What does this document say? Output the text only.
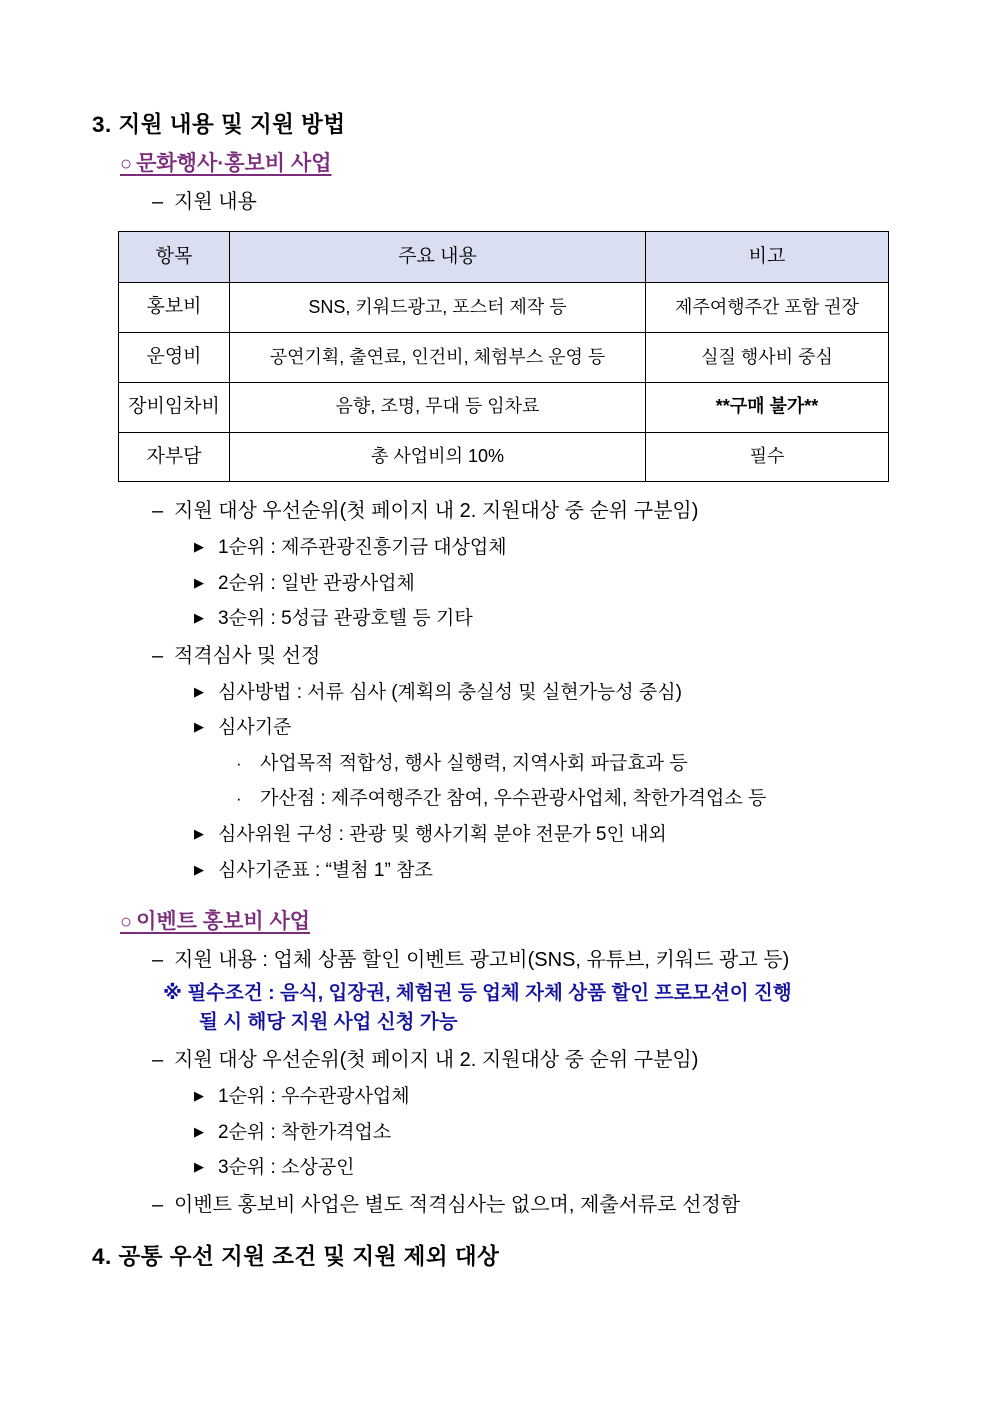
3. 지원 내용 및 지원 방법
○ 문화행사·홍보비 사업
– 지원 내용
항목	주요 내용	비고
홍보비	SNS, 키워드광고, 포스터 제작 등	제주여행주간 포함 권장
운영비	공연기획, 출연료, 인건비, 체험부스 운영 등	실질 행사비 중심
장비임차비	음향, 조명, 무대 등 임차료	**구매 불가**
자부담	총 사업비의 10%	필수
– 지원 대상 우선순위(첫 페이지 내 2. 지원대상 중 순위 구분임)
▶ 1순위 : 제주관광진흥기금 대상업체
▶ 2순위 : 일반 관광사업체
▶ 3순위 : 5성급 관광호텔 등 기타
– 적격심사 및 선정
▶ 심사방법 : 서류 심사 (계획의 충실성 및 실현가능성 중심)
▶ 심사기준
· 사업목적 적합성, 행사 실행력, 지역사회 파급효과 등
· 가산점 : 제주여행주간 참여, 우수관광사업체, 착한가격업소 등
▶ 심사위원 구성 : 관광 및 행사기획 분야 전문가 5인 내외
▶ 심사기준표 : “별첨 1” 참조
○ 이벤트 홍보비 사업
– 지원 내용 : 업체 상품 할인 이벤트 광고비(SNS, 유튜브, 키워드 광고 등)
※ 필수조건 : 음식, 입장권, 체험권 등 업체 자체 상품 할인 프로모션이 진행
될 시 해당 지원 사업 신청 가능
– 지원 대상 우선순위(첫 페이지 내 2. 지원대상 중 순위 구분임)
▶ 1순위 : 우수관광사업체
▶ 2순위 : 착한가격업소
▶ 3순위 : 소상공인
– 이벤트 홍보비 사업은 별도 적격심사는 없으며, 제출서류로 선정함
4. 공통 우선 지원 조건 및 지원 제외 대상
